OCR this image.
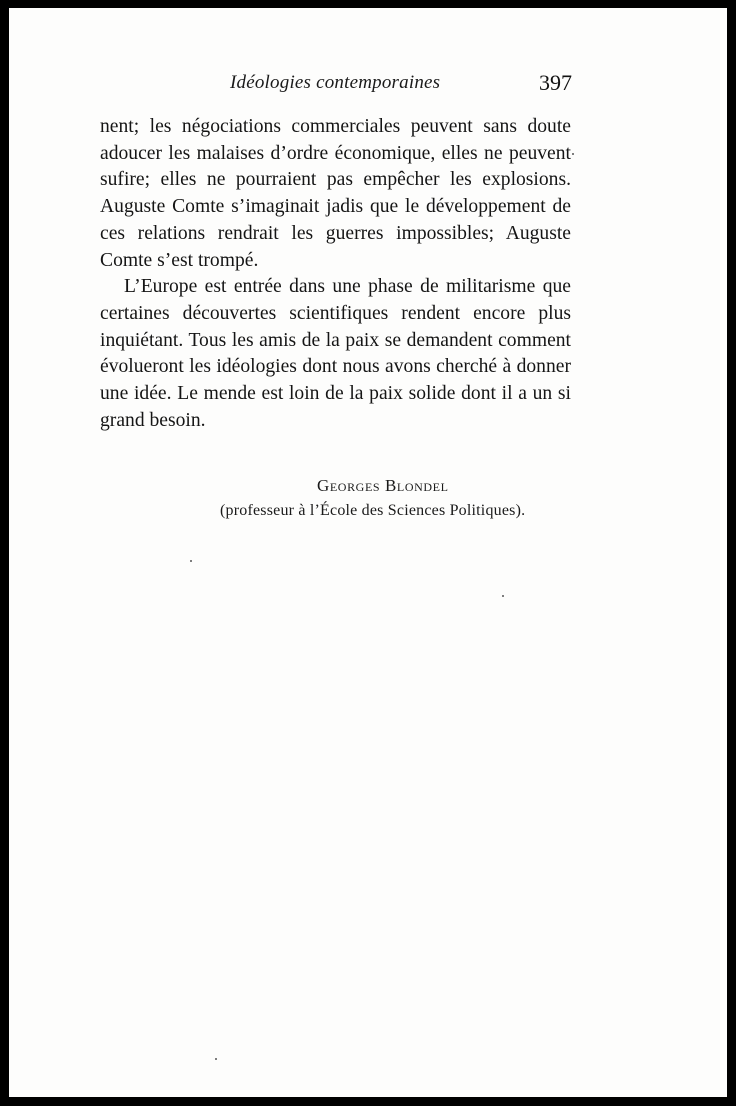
Idéologies contemporaines	397

nent; les négociations commerciales peuvent sans doute adoucer les malaises d’ordre économique, elles ne peuvent sufire; elles ne pourraient pas empêcher les explosions. Auguste Comte s’imaginait jadis que le développement de ces relations rendrait les guerres impossibles; Auguste Comte s’est trompé.

L’Europe est entrée dans une phase de militarisme que certaines découvertes scientifiques rendent encore plus inquiétant. Tous les amis de la paix se demandent comment évolueront les idéologies dont nous avons cherché à donner une idée. Le mende est loin de la paix solide dont il a un si grand besoin.

Georges Blondel
(professeur à l’École des Sciences Politiques).
